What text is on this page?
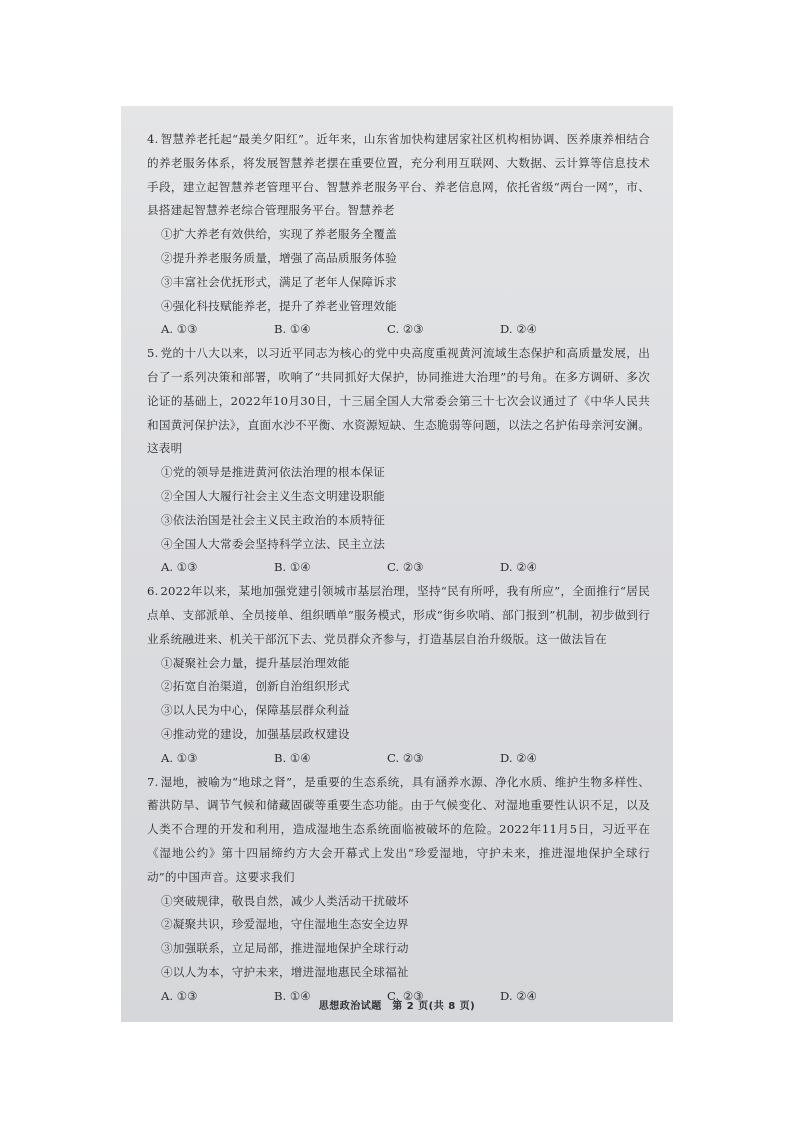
4. 智慧养老托起“最美夕阳红”。近年来，山东省加快构建居家社区机构相协调、医养康养相结合的养老服务体系，将发展智慧养老摆在重要位置，充分利用互联网、大数据、云计算等信息技术手段，建立起智慧养老管理平台、智慧养老服务平台、养老信息网，依托省级“两台一网”，市、县搭建起智慧养老综合管理服务平台。智慧养老

①扩大养老有效供给，实现了养老服务全覆盖

②提升养老服务质量，增强了高品质服务体验

③丰富社会优抚形式，满足了老年人保障诉求

④强化科技赋能养老，提升了养老业管理效能

A. ①③	B. ①④	C. ②③	D. ②④

5. 党的十八大以来，以习近平同志为核心的党中央高度重视黄河流域生态保护和高质量发展，出台了一系列决策和部署，吹响了“共同抓好大保护，协同推进大治理”的号角。在多方调研、多次论证的基础上，2022年10月30日，十三届全国人大常委会第三十七次会议通过了《中华人民共和国黄河保护法》，直面水沙不平衡、水资源短缺、生态脆弱等问题，以法之名护佑母亲河安澜。这表明

①党的领导是推进黄河依法治理的根本保证

②全国人大履行社会主义生态文明建设职能

③依法治国是社会主义民主政治的本质特征

④全国人大常委会坚持科学立法、民主立法

A. ①③	B. ①④	C. ②③	D. ②④

6. 2022年以来，某地加强党建引领城市基层治理，坚持“民有所呼，我有所应”，全面推行“居民点单、支部派单、全员接单、组织晒单”服务模式，形成“街乡吹哨、部门报到”机制，初步做到行业系统融进来、机关干部沉下去、党员群众齐参与，打造基层自治升级版。这一做法旨在

①凝聚社会力量，提升基层治理效能

②拓宽自治渠道，创新自治组织形式

③以人民为中心，保障基层群众利益

④推动党的建设，加强基层政权建设

A. ①③	B. ①④	C. ②③	D. ②④

7. 湿地，被喻为“地球之肾”，是重要的生态系统，具有涵养水源、净化水质、维护生物多样性、蓄洪防旱、调节气候和储藏固碳等重要生态功能。由于气候变化、对湿地重要性认识不足，以及人类不合理的开发和利用，造成湿地生态系统面临被破坏的危险。2022年11月5日，习近平在《湿地公约》第十四届缔约方大会开幕式上发出“珍爱湿地，守护未来，推进湿地保护全球行动”的中国声音。这要求我们

①突破规律，敬畏自然，减少人类活动干扰破坏

②凝聚共识，珍爱湿地，守住湿地生态安全边界

③加强联系，立足局部，推进湿地保护全球行动

④以人为本，守护未来，增进湿地惠民全球福祉

A. ①③	B. ①④	C. ②③	D. ②④
思想政治试题　第 2 页(共 8 页)
